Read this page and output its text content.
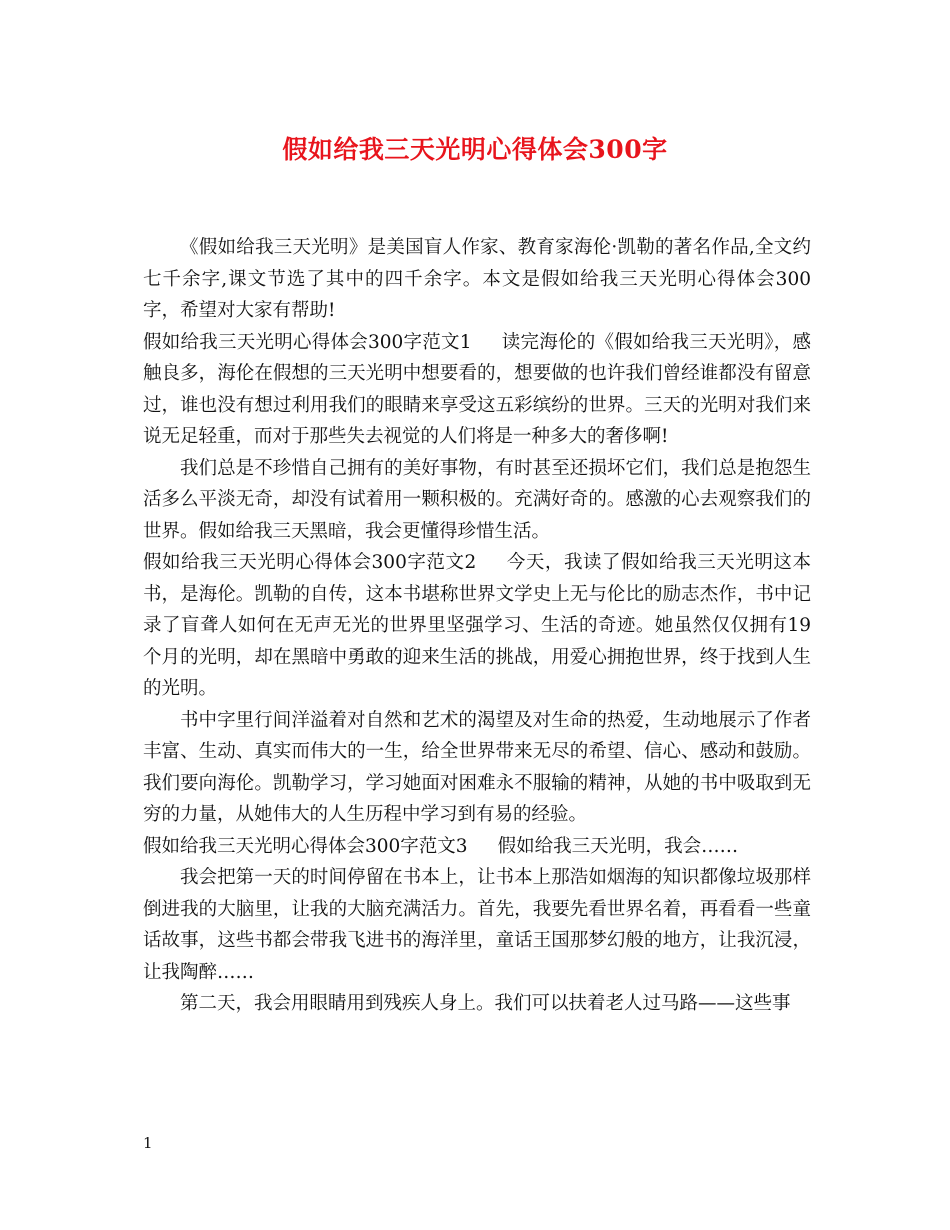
假如给我三天光明心得体会300字

《假如给我三天光明》是美国盲人作家、教育家海伦·凯勒的著名作品,全文约七千余字,课文节选了其中的四千余字。本文是假如给我三天光明心得体会300字，希望对大家有帮助!

假如给我三天光明心得体会300字范文1 读完海伦的《假如给我三天光明》，感触良多，海伦在假想的三天光明中想要看的，想要做的也许我们曾经谁都没有留意过，谁也没有想过利用我们的眼睛来享受这五彩缤纷的世界。三天的光明对我们来说无足轻重，而对于那些失去视觉的人们将是一种多大的奢侈啊!

我们总是不珍惜自己拥有的美好事物，有时甚至还损坏它们，我们总是抱怨生活多么平淡无奇，却没有试着用一颗积极的。充满好奇的。感激的心去观察我们的世界。假如给我三天黑暗，我会更懂得珍惜生活。

假如给我三天光明心得体会300字范文2 今天，我读了假如给我三天光明这本书，是海伦。凯勒的自传，这本书堪称世界文学史上无与伦比的励志杰作，书中记录了盲聋人如何在无声无光的世界里坚强学习、生活的奇迹。她虽然仅仅拥有19个月的光明，却在黑暗中勇敢的迎来生活的挑战，用爱心拥抱世界，终于找到人生的光明。

书中字里行间洋溢着对自然和艺术的渴望及对生命的热爱，生动地展示了作者丰富、生动、真实而伟大的一生，给全世界带来无尽的希望、信心、感动和鼓励。我们要向海伦。凯勒学习，学习她面对困难永不服输的精神，从她的书中吸取到无穷的力量，从她伟大的人生历程中学习到有易的经验。

假如给我三天光明心得体会300字范文3 假如给我三天光明，我会……

我会把第一天的时间停留在书本上，让书本上那浩如烟海的知识都像垃圾那样倒进我的大脑里，让我的大脑充满活力。首先，我要先看世界名着，再看看一些童话故事，这些书都会带我飞进书的海洋里，童话王国那梦幻般的地方，让我沉浸，让我陶醉……

第二天，我会用眼睛用到残疾人身上。我们可以扶着老人过马路——这些事

1
